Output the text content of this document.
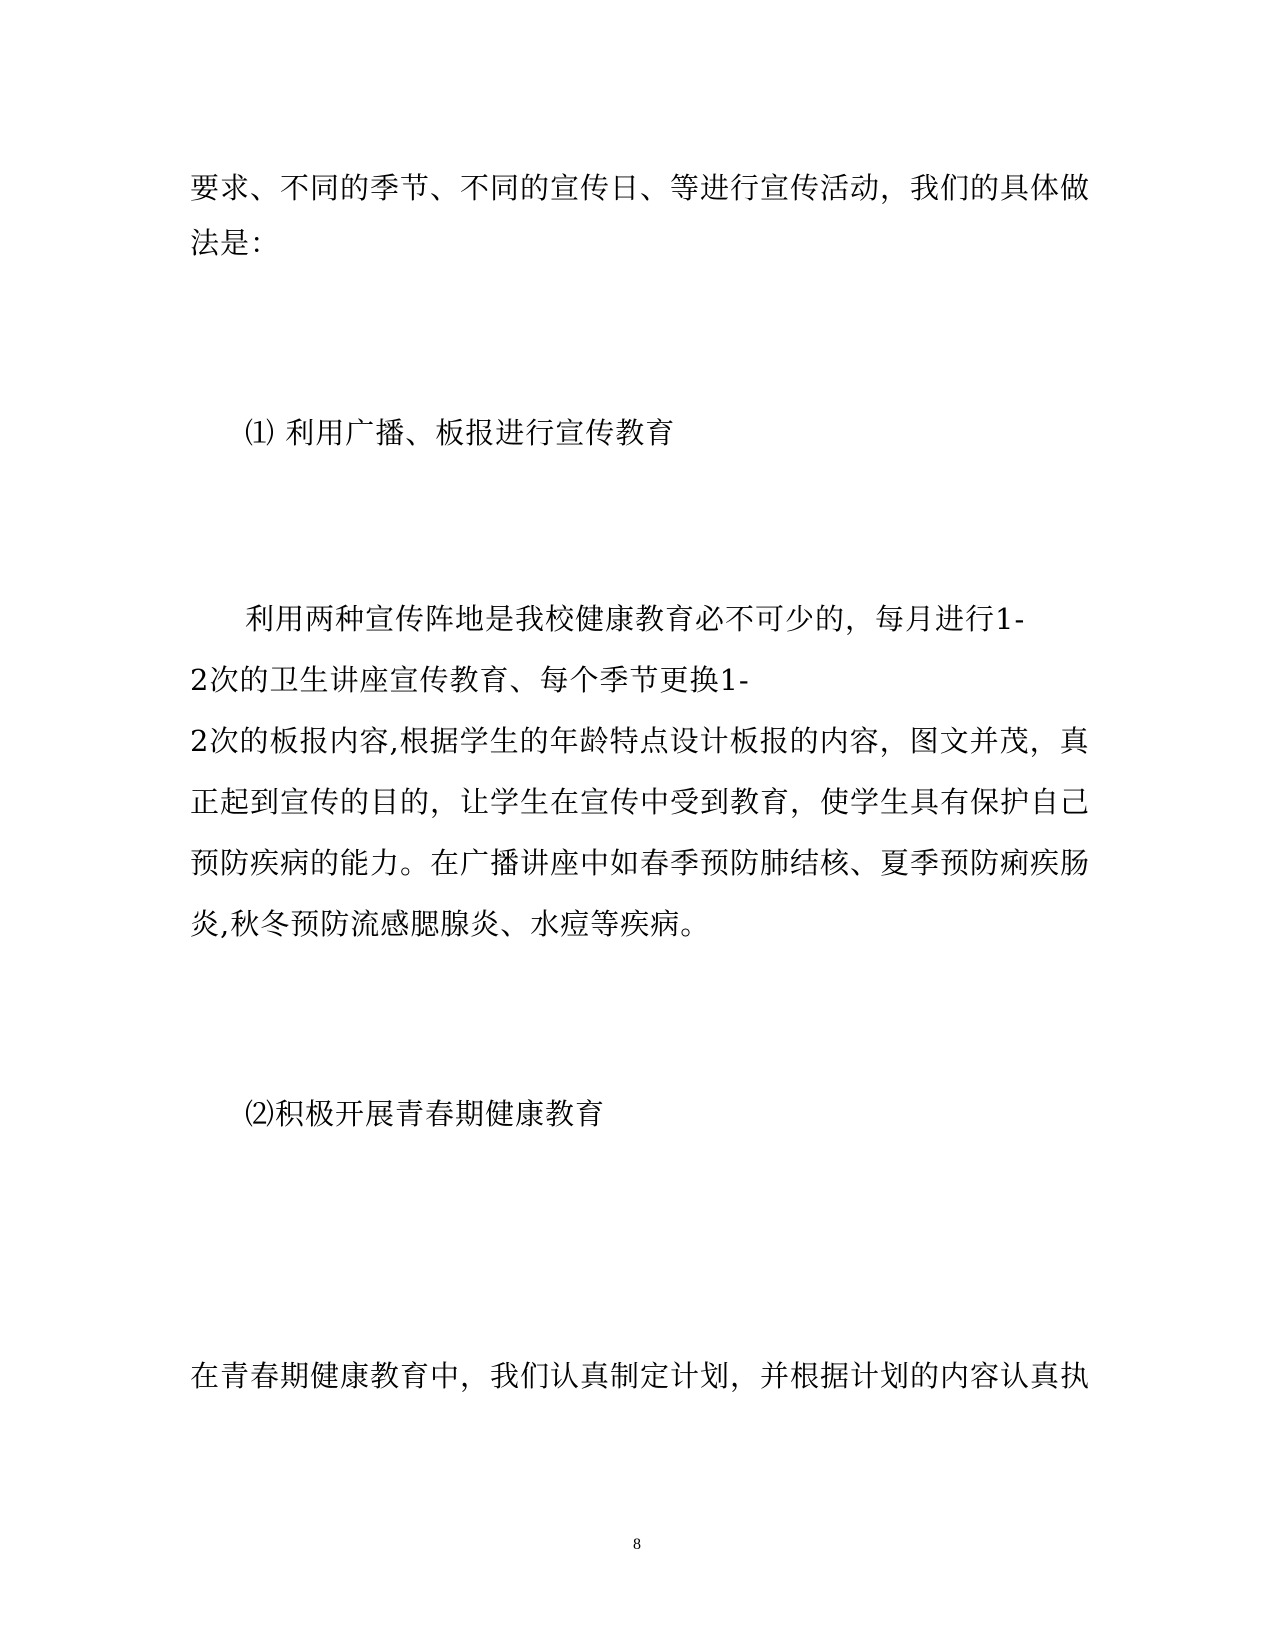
要求、不同的季节、不同的宣传日、等进行宣传活动，我们的具体做
法是：
⑴ 利用广播、板报进行宣传教育
利用两种宣传阵地是我校健康教育必不可少的，每月进行1-
2次的卫生讲座宣传教育、每个季节更换1-
2次的板报内容,根据学生的年龄特点设计板报的内容，图文并茂，真
正起到宣传的目的，让学生在宣传中受到教育，使学生具有保护自己
预防疾病的能力。在广播讲座中如春季预防肺结核、夏季预防痢疾肠
炎,秋冬预防流感腮腺炎、水痘等疾病。
⑵积极开展青春期健康教育
在青春期健康教育中，我们认真制定计划，并根据计划的内容认真执
8
